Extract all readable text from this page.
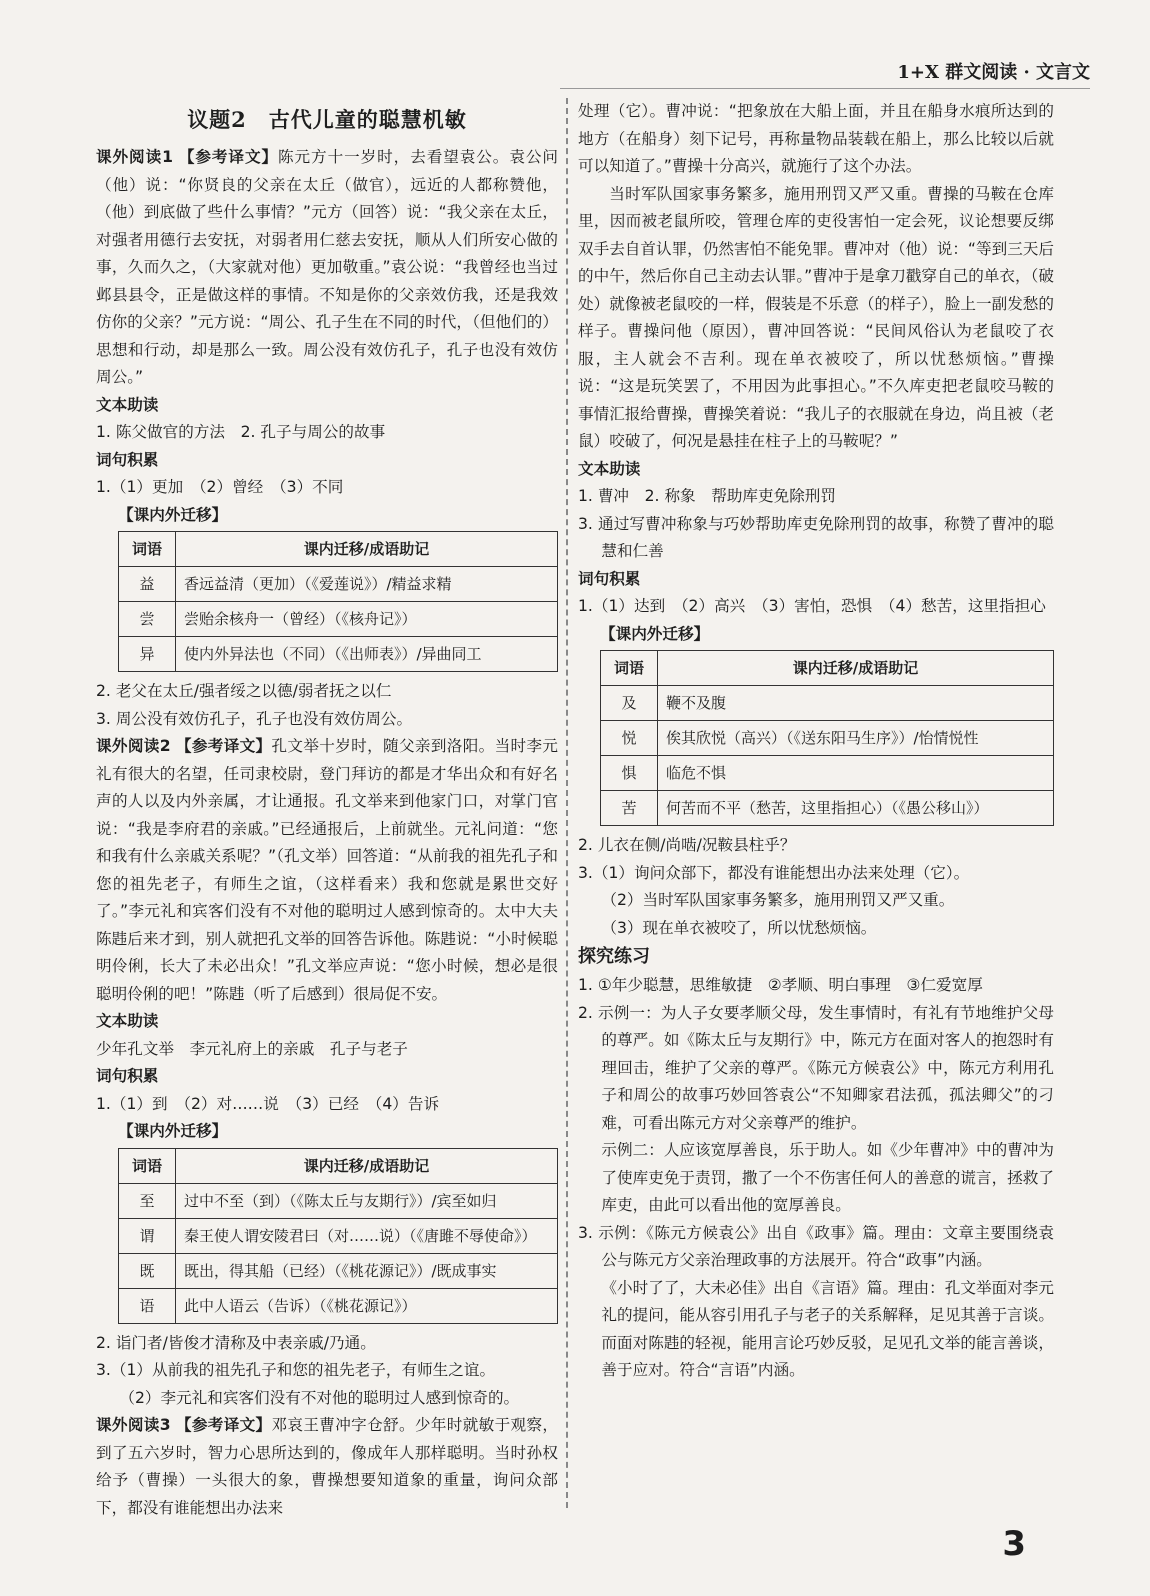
1+X 群文阅读 · 文言文
议题2　古代儿童的聪慧机敏

课外阅读1 【参考译文】陈元方十一岁时，去看望袁公。袁公问（他）说：“你贤良的父亲在太丘（做官），远近的人都称赞他，（他）到底做了些什么事情？”元方（回答）说：“我父亲在太丘，对强者用德行去安抚，对弱者用仁慈去安抚，顺从人们所安心做的事，久而久之，（大家就对他）更加敬重。”袁公说：“我曾经也当过邺县县令，正是做这样的事情。不知是你的父亲效仿我，还是我效仿你的父亲？”元方说：“周公、孔子生在不同的时代，（但他们的）思想和行动，却是那么一致。周公没有效仿孔子，孔子也没有效仿周公。”

文本助读

1. 陈父做官的方法　2. 孔子与周公的故事

词句积累

1.（1）更加　（2）曾经　（3）不同

【课内外迁移】

词语	课内迁移/成语助记
益	香远益清（更加）（《爱莲说》）/精益求精
尝	尝贻余核舟一（曾经）（《核舟记》）
异	使内外异法也（不同）（《出师表》）/异曲同工

2. 老父在太丘/强者绥之以德/弱者抚之以仁

3. 周公没有效仿孔子，孔子也没有效仿周公。

课外阅读2 【参考译文】孔文举十岁时，随父亲到洛阳。当时李元礼有很大的名望，任司隶校尉，登门拜访的都是才华出众和有好名声的人以及内外亲属，才让通报。孔文举来到他家门口，对掌门官说：“我是李府君的亲戚。”已经通报后，上前就坐。元礼问道：“您和我有什么亲戚关系呢？”（孔文举）回答道：“从前我的祖先孔子和您的祖先老子，有师生之谊，（这样看来）我和您就是累世交好了。”李元礼和宾客们没有不对他的聪明过人感到惊奇的。太中大夫陈韪后来才到，别人就把孔文举的回答告诉他。陈韪说：“小时候聪明伶俐，长大了未必出众！”孔文举应声说：“您小时候，想必是很聪明伶俐的吧！”陈韪（听了后感到）很局促不安。

文本助读

少年孔文举　李元礼府上的亲戚　孔子与老子

词句积累

1.（1）到　（2）对……说　（3）已经　（4）告诉

【课内外迁移】

词语	课内迁移/成语助记
至	过中不至（到）（《陈太丘与友期行》）/宾至如归
谓	秦王使人谓安陵君曰（对……说）（《唐雎不辱使命》）
既	既出，得其船（已经）（《桃花源记》）/既成事实
语	此中人语云（告诉）（《桃花源记》）

2. 诣门者/皆俊才清称及中表亲戚/乃通。

3.（1）从前我的祖先孔子和您的祖先老子，有师生之谊。

（2）李元礼和宾客们没有不对他的聪明过人感到惊奇的。

课外阅读3 【参考译文】邓哀王曹冲字仓舒。少年时就敏于观察，到了五六岁时，智力心思所达到的，像成年人那样聪明。当时孙权给予（曹操）一头很大的象，曹操想要知道象的重量，询问众部下，都没有谁能想出办法来

处理（它）。曹冲说：“把象放在大船上面，并且在船身水痕所达到的地方（在船身）刻下记号，再称量物品装载在船上，那么比较以后就可以知道了。”曹操十分高兴，就施行了这个办法。

当时军队国家事务繁多，施用刑罚又严又重。曹操的马鞍在仓库里，因而被老鼠所咬，管理仓库的吏役害怕一定会死，议论想要反绑双手去自首认罪，仍然害怕不能免罪。曹冲对（他）说：“等到三天后的中午，然后你自己主动去认罪。”曹冲于是拿刀戳穿自己的单衣，（破处）就像被老鼠咬的一样，假装是不乐意（的样子），脸上一副发愁的样子。曹操问他（原因），曹冲回答说：“民间风俗认为老鼠咬了衣服，主人就会不吉利。现在单衣被咬了，所以忧愁烦恼。”曹操说：“这是玩笑罢了，不用因为此事担心。”不久库吏把老鼠咬马鞍的事情汇报给曹操，曹操笑着说：“我儿子的衣服就在身边，尚且被（老鼠）咬破了，何况是悬挂在柱子上的马鞍呢？”

文本助读

1. 曹冲　2. 称象　帮助库吏免除刑罚

3. 通过写曹冲称象与巧妙帮助库吏免除刑罚的故事，称赞了曹冲的聪慧和仁善

词句积累

1.（1）达到　（2）高兴　（3）害怕，恐惧　（4）愁苦，这里指担心

【课内外迁移】

词语	课内迁移/成语助记
及	鞭不及腹
悦	俟其欣悦（高兴）（《送东阳马生序》）/怡情悦性
惧	临危不惧
苦	何苦而不平（愁苦，这里指担心）（《愚公移山》）

2. 儿衣在侧/尚啮/况鞍县柱乎？

3.（1）询问众部下，都没有谁能想出办法来处理（它）。

（2）当时军队国家事务繁多，施用刑罚又严又重。

（3）现在单衣被咬了，所以忧愁烦恼。

探究练习

1. ①年少聪慧，思维敏捷　②孝顺、明白事理　③仁爱宽厚

2. 示例一：为人子女要孝顺父母，发生事情时，有礼有节地维护父母的尊严。如《陈太丘与友期行》中，陈元方在面对客人的抱怨时有理回击，维护了父亲的尊严。《陈元方候袁公》中，陈元方利用孔子和周公的故事巧妙回答袁公“不知卿家君法孤，孤法卿父”的刁难，可看出陈元方对父亲尊严的维护。

示例二：人应该宽厚善良，乐于助人。如《少年曹冲》中的曹冲为了使库吏免于责罚，撒了一个不伤害任何人的善意的谎言，拯救了库吏，由此可以看出他的宽厚善良。

3. 示例：《陈元方候袁公》出自《政事》篇。理由：文章主要围绕袁公与陈元方父亲治理政事的方法展开。符合“政事”内涵。

《小时了了，大未必佳》出自《言语》篇。理由：孔文举面对李元礼的提问，能从容引用孔子与老子的关系解释，足见其善于言谈。而面对陈韪的轻视，能用言论巧妙反驳，足见孔文举的能言善谈，善于应对。符合“言语”内涵。

3
